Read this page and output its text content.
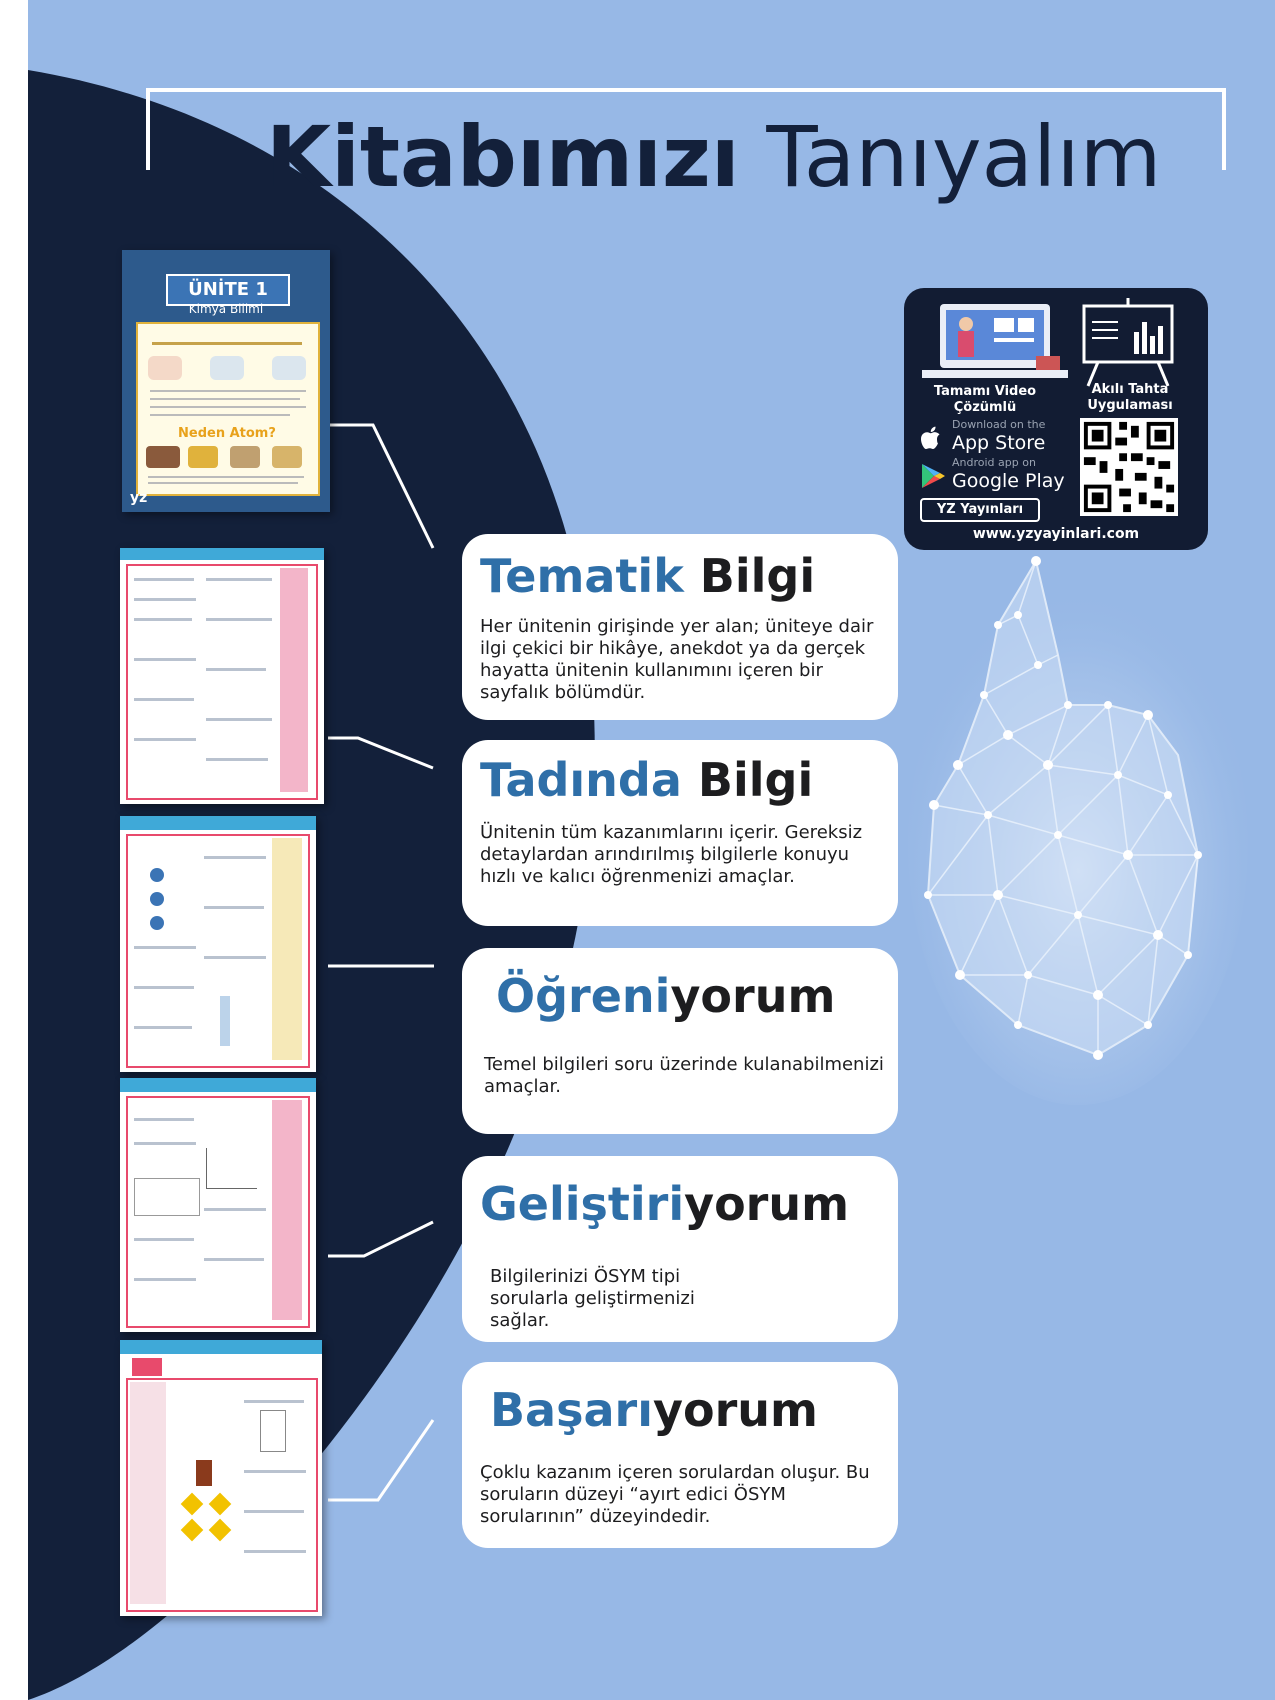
Kitabımızı Tanıyalım
ÜNİTE 1
Kimya Bilimi
Neden Atom?
yz
Tematik Bilgi

Her ünitenin girişinde yer alan; üniteye dair ilgi çekici bir hikâye, anekdot ya da gerçek hayatta ünitenin kullanımını içeren bir sayfalık bölümdür.

Tadında Bilgi

Ünitenin tüm kazanımlarını içerir. Gereksiz detaylardan arındırılmış bilgilerle konuyu hızlı ve kalıcı öğrenmenizi amaçlar.

Öğreniyorum

Temel bilgileri soru üzerinde kulanabilmenizi amaçlar.

Geliştiriyorum

Bilgilerinizi ÖSYM tipi sorularla geliştirmenizi sağlar.

Başarıyorum

Çoklu kazanım içeren sorulardan oluşur. Bu soruların düzeyi “ayırt edici ÖSYM sorularının” düzeyindedir.

Tamamı Video Çözümlü
Akılı Tahta Uygulaması
Download on the
App Store
Android app on
Google Play
YZ Yayınları
www.yzyayinlari.com
